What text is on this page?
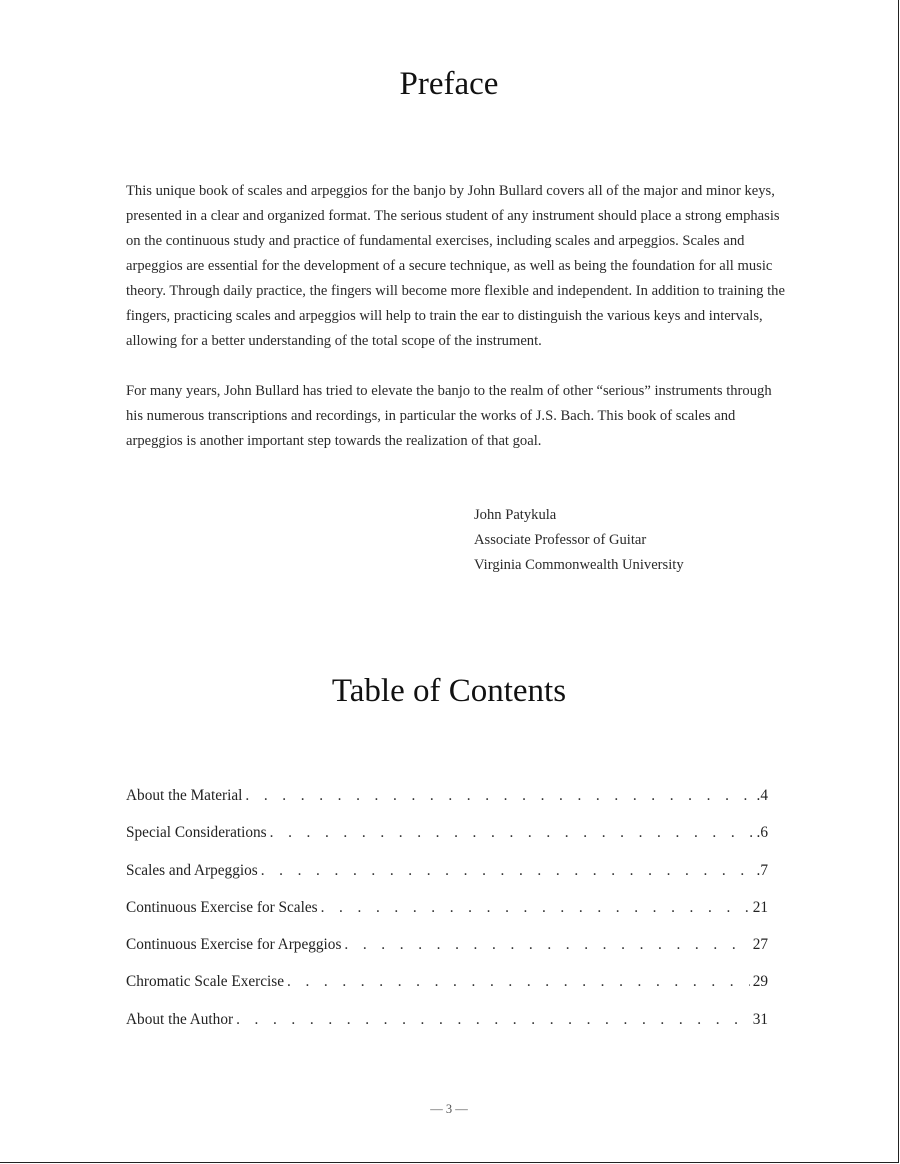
Preface

This unique book of scales and arpeggios for the banjo by John Bullard covers all of the major and minor keys, presented in a clear and organized format. The serious student of any instrument should place a strong emphasis on the continuous study and practice of fundamental exercises, including scales and arpeggios. Scales and arpeggios are essential for the development of a secure technique, as well as being the foundation for all music theory. Through daily practice, the fingers will become more flexible and independent. In addition to training the fingers, practicing scales and arpeggios will help to train the ear to distinguish the various keys and intervals, allowing for a better understanding of the total scope of the instrument.

For many years, John Bullard has tried to elevate the banjo to the realm of other “serious” instruments through his numerous transcriptions and recordings, in particular the works of J.S. Bach. This book of scales and arpeggios is another important step towards the realization of that goal.

John Patykula
Associate Professor of Guitar
Virginia Commonwealth University
Table of Contents
About the Material . . .	.4
Special Considerations . . .	.6
Scales and Arpeggios . . .	.7
Continuous Exercise for Scales . . .	21
Continuous Exercise for Arpeggios . . .	27
Chromatic Scale Exercise . . .	29
About the Author . . .	31
— 3 —
